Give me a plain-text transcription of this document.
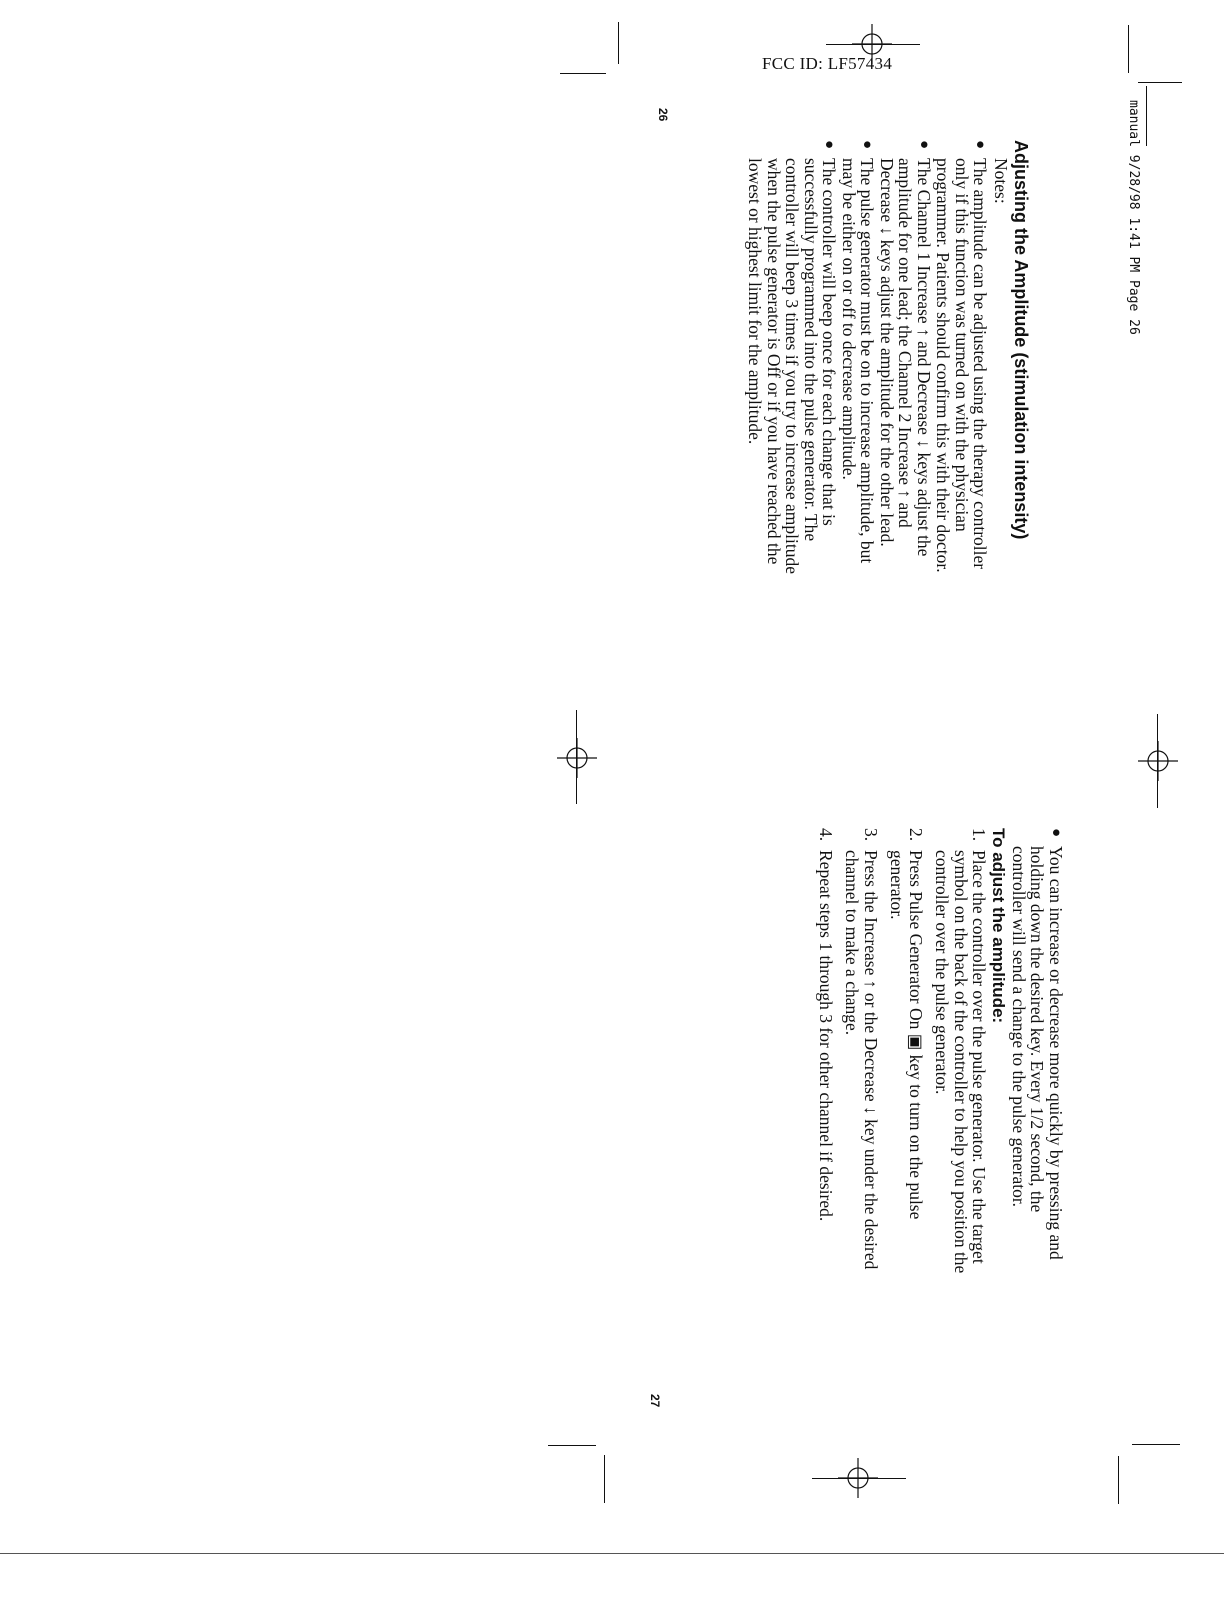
FCC ID: LF57434
manual 9/28/98 1:41 PM Page 26
26
27
Adjusting the Amplitude (stimulation intensity)
Notes:
●
The amplitude can be adjusted using the therapy controller
only if this function was turned on with the physician
programmer. Patients should confirm this with their doctor.
●
The Channel 1 Increase ↑ and Decrease ↓ keys adjust the
amplitude for one lead; the Channel 2 Increase ↑ and
Decrease ↓ keys adjust the amplitude for the other lead.
●
The pulse generator must be on to increase amplitude, but
may be either on or off to decrease amplitude.
●
The controller will beep once for each change that is
successfully programmed into the pulse generator. The
controller will beep 3 times if you try to increase amplitude
when the pulse generator is Off or if you have reached the
lowest or highest limit for the amplitude.
●
You can increase or decrease more quickly by pressing and
holding down the desired key. Every 1/2 second, the
controller will send a change to the pulse generator.
To adjust the amplitude:
1.
Place the controller over the pulse generator. Use the target
symbol on the back of the controller to help you position the
controller over the pulse generator.
2.
Press Pulse Generator On ▣ key to turn on the pulse
generator.
3.
Press the Increase ↑ or the Decrease ↓ key under the desired
channel to make a change.
4.
Repeat steps 1 through 3 for other channel if desired.
